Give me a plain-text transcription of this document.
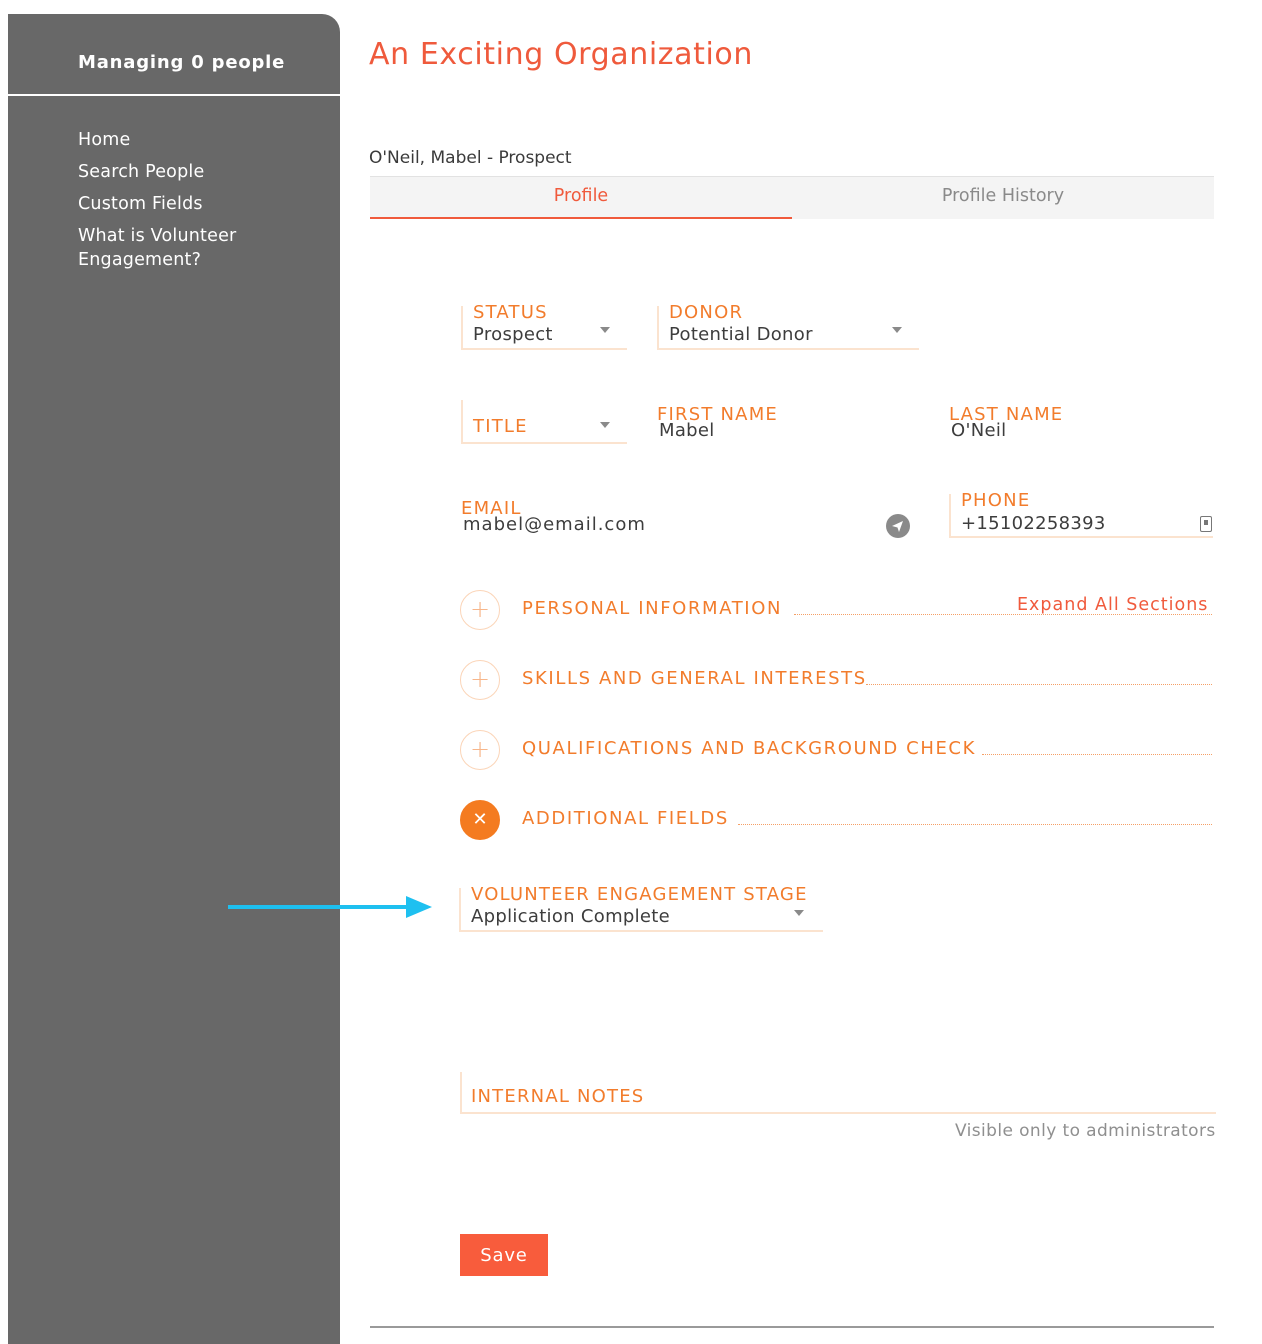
Managing 0 people
Home
Search People
Custom Fields
What is Volunteer Engagement?
An Exciting Organization
O'Neil, Mabel - Prospect
Profile	Profile History
STATUS
Prospect
DONOR
Potential Donor
TITLE
FIRST NAME
Mabel
LAST NAME
O'Neil
EMAIL
mabel@email.com
PHONE
+15102258393
+	PERSONAL INFORMATION	Expand All Sections
+	SKILLS AND GENERAL INTERESTS
+	QUALIFICATIONS AND BACKGROUND CHECK
✕	ADDITIONAL FIELDS
VOLUNTEER ENGAGEMENT STAGE
Application Complete
INTERNAL NOTES
Visible only to administrators
Save
